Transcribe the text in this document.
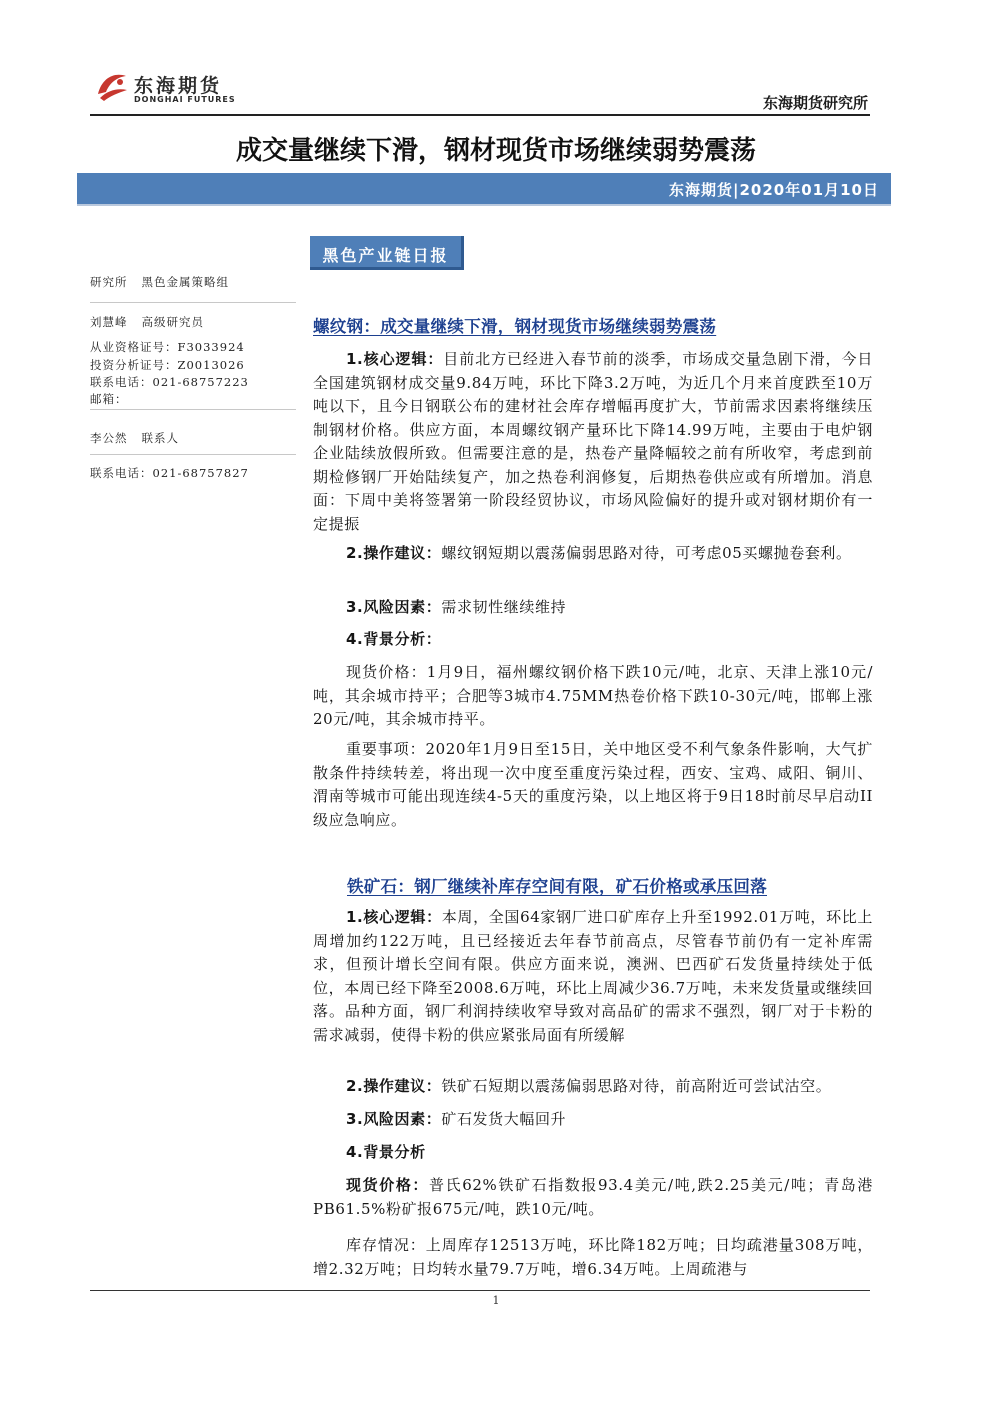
东海期货
DONGHAI FUTURES	东海期货研究所
成交量继续下滑，钢材现货市场继续弱势震荡
东海期货|2020年01月10日
黑色产业链日报
研究所 黑色金属策略组
刘慧峰 高级研究员
从业资格证号：F3033924
投资分析证号：Z0013026
联系电话：021-68757223
邮箱：
李公然 联系人
联系电话：021-68757827
螺纹钢：成交量继续下滑，钢材现货市场继续弱势震荡
1.核心逻辑：目前北方已经进入春节前的淡季，市场成交量急剧下滑，今日全国建筑钢材成交量9.84万吨，环比下降3.2万吨，为近几个月来首度跌至10万吨以下，且今日钢联公布的建材社会库存增幅再度扩大，节前需求因素将继续压制钢材价格。供应方面，本周螺纹钢产量环比下降14.99万吨，主要由于电炉钢企业陆续放假所致。但需要注意的是，热卷产量降幅较之前有所收窄，考虑到前期检修钢厂开始陆续复产，加之热卷利润修复，后期热卷供应或有所增加。消息面：下周中美将签署第一阶段经贸协议，市场风险偏好的提升或对钢材期价有一定提振
2.操作建议：螺纹钢短期以震荡偏弱思路对待，可考虑05买螺抛卷套利。
3.风险因素：需求韧性继续维持
4.背景分析：
现货价格：1月9日，福州螺纹钢价格下跌10元/吨，北京、天津上涨10元/吨，其余城市持平；合肥等3城市4.75MM热卷价格下跌10-30元/吨，邯郸上涨20元/吨，其余城市持平。
重要事项：2020年1月9日至15日，关中地区受不利气象条件影响，大气扩散条件持续转差，将出现一次中度至重度污染过程，西安、宝鸡、咸阳、铜川、渭南等城市可能出现连续4-5天的重度污染，以上地区将于9日18时前尽早启动II级应急响应。
铁矿石：钢厂继续补库存空间有限，矿石价格或承压回落
1.核心逻辑：本周，全国64家钢厂进口矿库存上升至1992.01万吨，环比上周增加约122万吨，且已经接近去年春节前高点，尽管春节前仍有一定补库需求，但预计增长空间有限。供应方面来说，澳洲、巴西矿石发货量持续处于低位，本周已经下降至2008.6万吨，环比上周减少36.7万吨，未来发货量或继续回落。品种方面，钢厂利润持续收窄导致对高品矿的需求不强烈，钢厂对于卡粉的需求减弱，使得卡粉的供应紧张局面有所缓解
2.操作建议：铁矿石短期以震荡偏弱思路对待，前高附近可尝试沽空。
3.风险因素：矿石发货大幅回升
4.背景分析
现货价格：普氏62%铁矿石指数报93.4美元/吨,跌2.25美元/吨；青岛港PB61.5%粉矿报675元/吨，跌10元/吨。
库存情况：上周库存12513万吨，环比降182万吨；日均疏港量308万吨，增2.32万吨；日均转水量79.7万吨，增6.34万吨。上周疏港与
1
